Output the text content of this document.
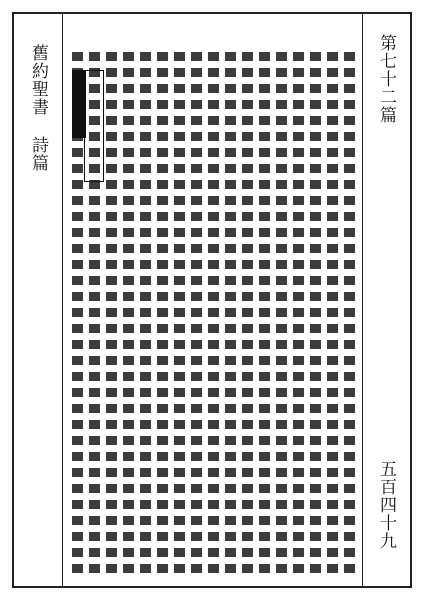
舊約聖書
詩篇
第七十二篇
五百四十九
